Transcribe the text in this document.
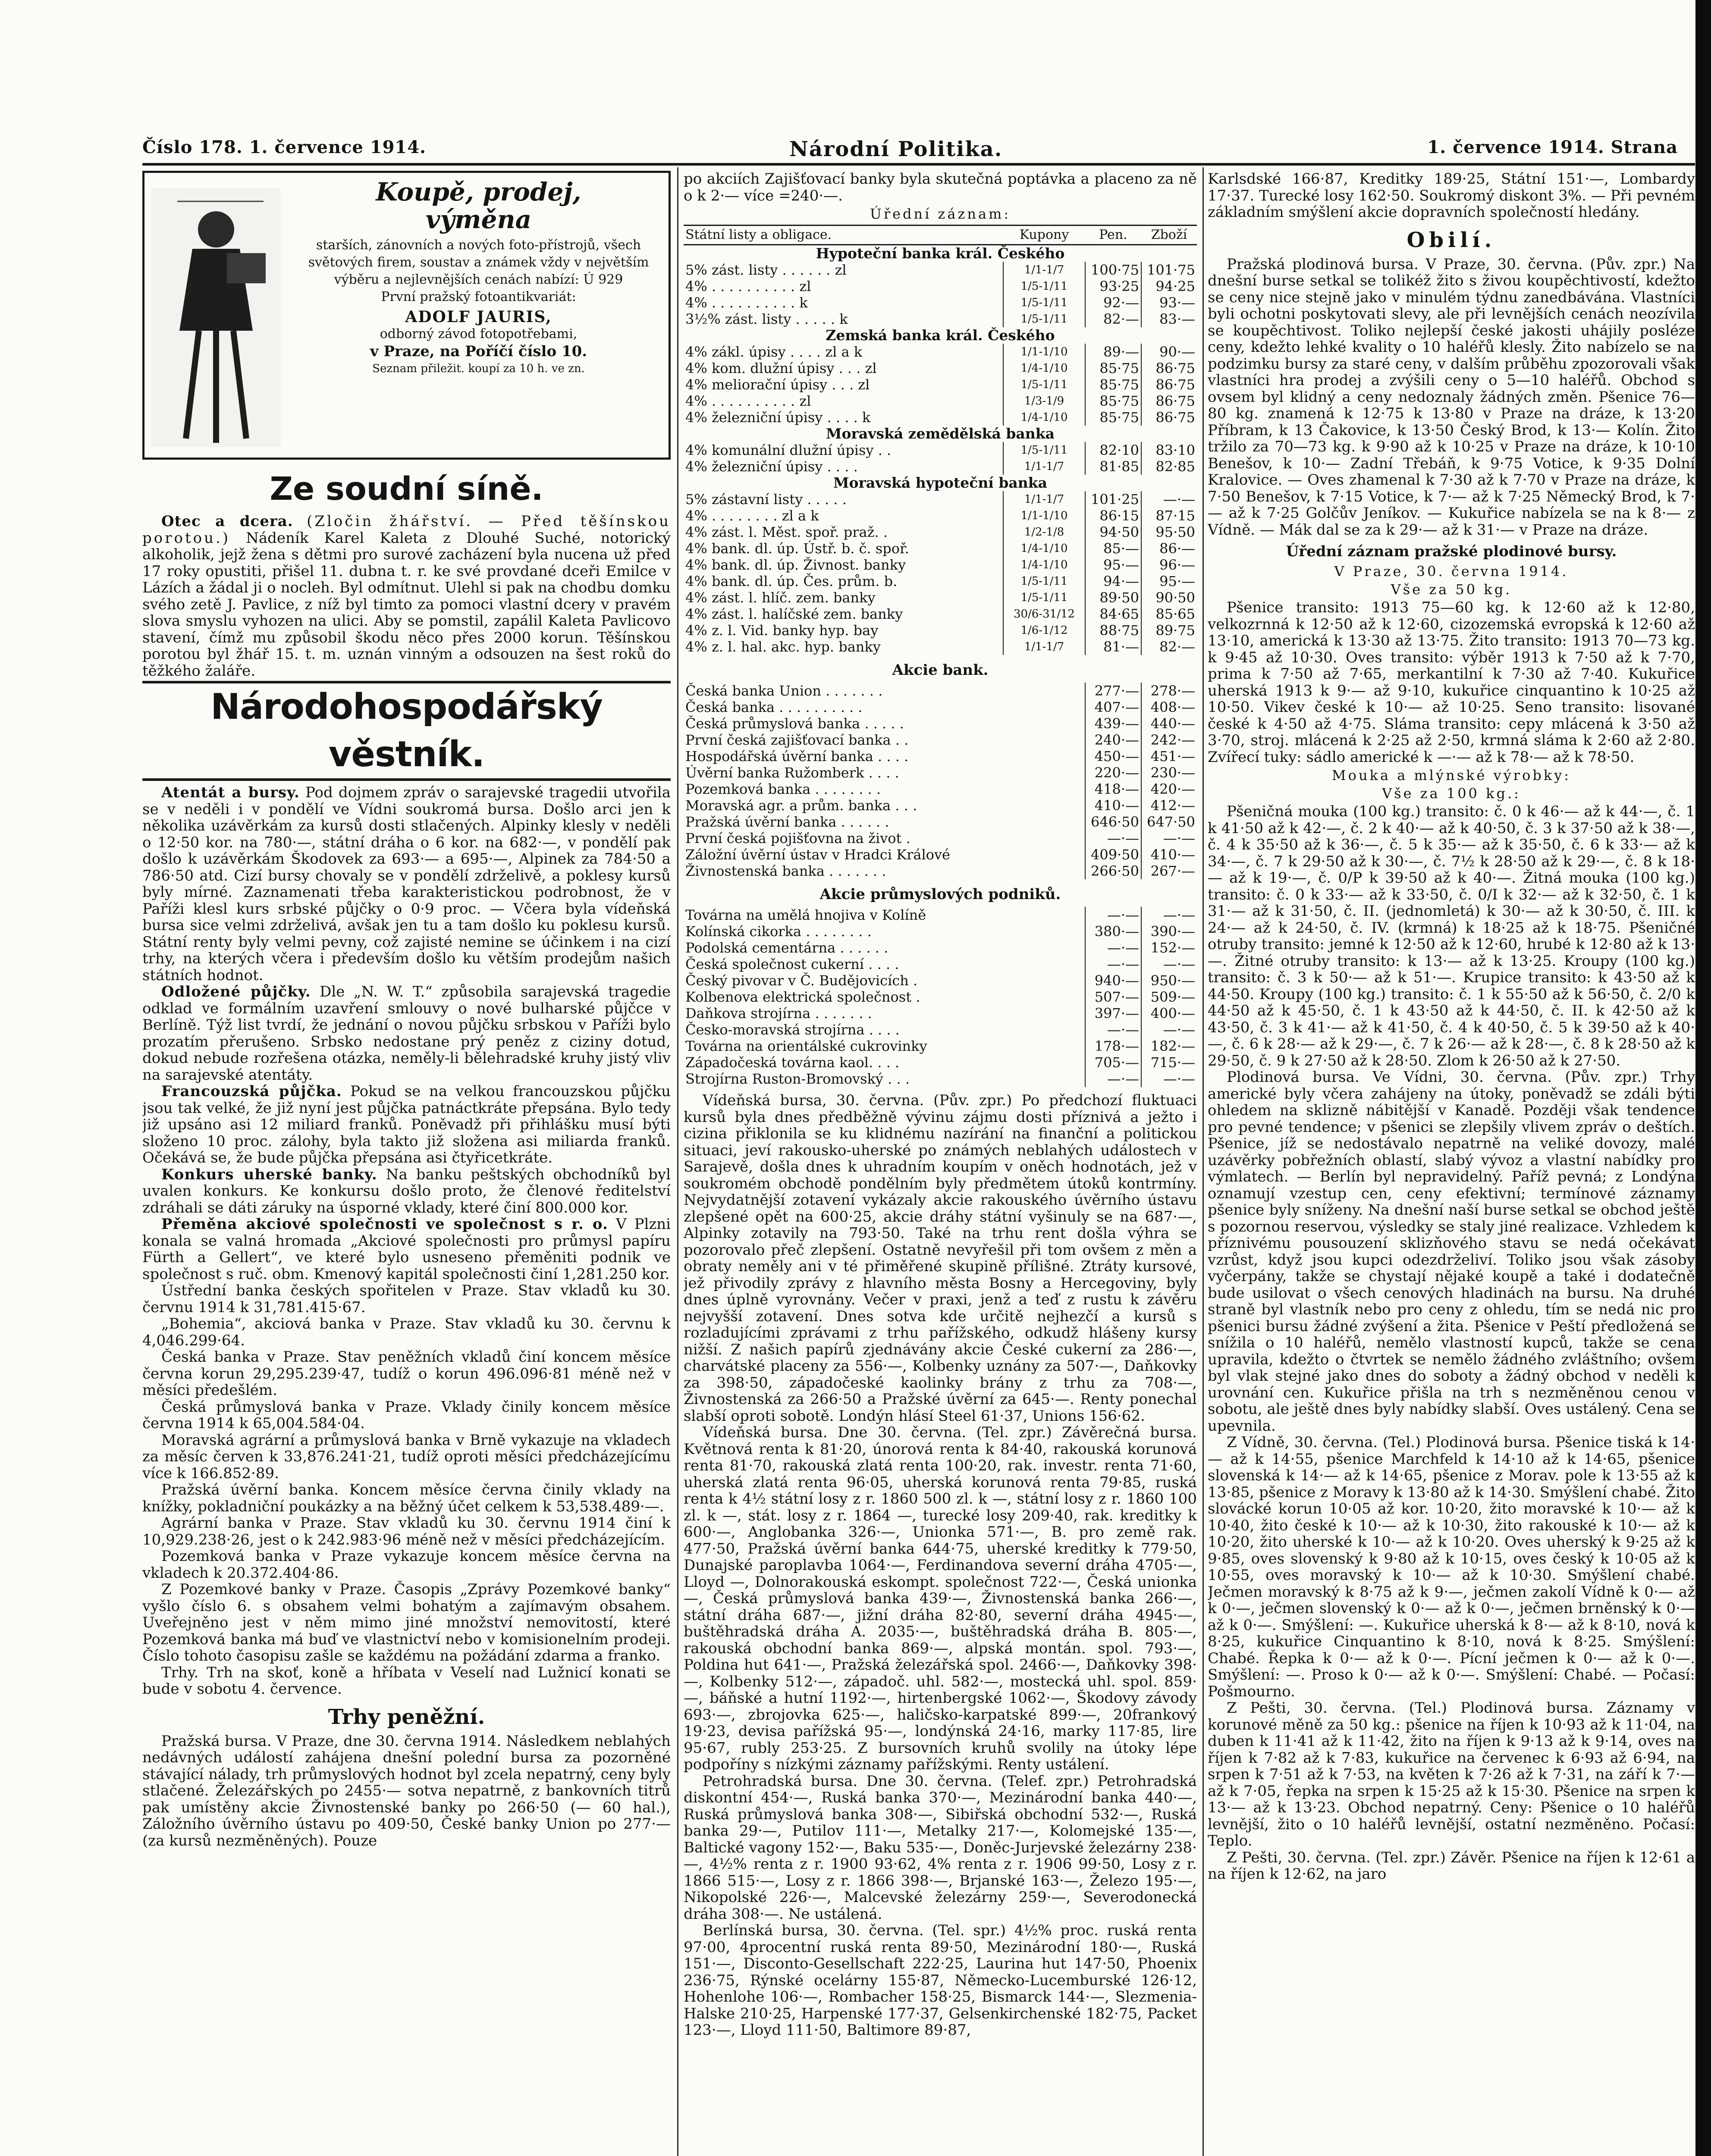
Číslo 178. 1. července 1914.	Národní Politika.	1. července 1914. Strana
Koupě, prodej,
výměna
starších, zánovních a nových foto-přístrojů, všech světových firem, soustav a známek vždy v největším výběru a nejlevnějších cenách nabízí: Ú 929
První pražský fotoantikvariát:
ADOLF JAURIS,
odborný závod fotopotřebami,
v Praze, na Poříčí číslo 10.
Seznam přiležit. koupí za 10 h. ve zn.
Ze soudní síně.

Otec a dcera. (Zločin žhářství. — Před těšínskou porotou.) Nádeník Karel Kaleta z Dlouhé Suché, notorický alkoholik, jejž žena s dětmi pro surové zacházení byla nucena už před 17 roky opustiti, přišel 11. dubna t. r. ke své provdané dceři Emilce v Lázích a žádal ji o nocleh. Byl odmítnut. Ulehl si pak na chodbu domku svého zetě J. Pavlice, z níž byl timto za pomoci vlastní dcery v pravém slova smyslu vyhozen na ulici. Aby se pomstil, zapálil Kaleta Pavlicovo stavení, čímž mu způsobil škodu něco přes 2000 korun. Těšínskou porotou byl žhář 15. t. m. uznán vinným a odsouzen na šest roků do těžkého žaláře.

Národohospodářský věstník.

Atentát a bursy. Pod dojmem zpráv o sarajevské tragedii utvořila se v neděli i v pondělí ve Vídni soukromá bursa. Došlo arci jen k několika uzávěrkám za kursů dosti stlačených. Alpinky klesly v neděli o 12·50 kor. na 780·—, státní dráha o 6 kor. na 682·—, v pondělí pak došlo k uzávěrkám Škodovek za 693·— a 695·—, Alpinek za 784·50 a 786·50 atd. Cizí bursy chovaly se v pondělí zdrželivě, a poklesy kursů byly mírné. Zaznamenati třeba karakteristickou podrobnost, že v Paříži klesl kurs srbské půjčky o 0·9 proc. — Včera byla vídeňská bursa sice velmi zdrželivá, avšak jen tu a tam došlo ku poklesu kursů. Státní renty byly velmi pevny, což zajisté nemine se účinkem i na cizí trhy, na kterých včera i především došlo ku větším prodejům našich státních hodnot.

Odložené půjčky. Dle „N. W. T.“ způsobila sarajevská tragedie odklad ve formálním uzavření smlouvy o nové bulharské půjčce v Berlíně. Týž list tvrdí, že jednání o novou půjčku srbskou v Paříži bylo prozatím přerušeno. Srbsko nedostane prý peněz z ciziny dotud, dokud nebude rozřešena otázka, neměly-li bělehradské kruhy jistý vliv na sarajevské atentáty.

Francouzská půjčka. Pokud se na velkou francouzskou půjčku jsou tak velké, že již nyní jest půjčka patnáctkráte přepsána. Bylo tedy již upsáno asi 12 miliard franků. Poněvadž při přihlášku musí býti složeno 10 proc. zálohy, byla takto již složena asi miliarda franků. Očekává se, že bude půjčka přepsána asi čtyřicetkráte.

Konkurs uherské banky. Na banku peštských obchodníků byl uvalen konkurs. Ke konkursu došlo proto, že členové ředitelství zdráhali se dáti záruky na úsporné vklady, které činí 800.000 kor.

Přeměna akciové společnosti ve společnost s r. o. V Plzni konala se valná hromada „Akciové společnosti pro průmysl papíru Fürth a Gellert“, ve které bylo usneseno přeměniti podnik ve společnost s ruč. obm. Kmenový kapitál společnosti činí 1,281.250 kor.

Ústřední banka českých spořitelen v Praze. Stav vkladů ku 30. červnu 1914 k 31,781.415·67.

„Bohemia“, akciová banka v Praze. Stav vkladů ku 30. červnu k 4,046.299·64.

Česká banka v Praze. Stav peněžních vkladů činí koncem měsíce června korun 29,295.239·47, tudíž o korun 496.096·81 méně než v měsíci předešlém.

Česká průmyslová banka v Praze. Vklady činily koncem měsíce června 1914 k 65,004.584·04.

Moravská agrární a průmyslová banka v Brně vykazuje na vkladech za měsíc červen k 33,876.241·21, tudíž oproti měsíci předcházejícímu více k 166.852·89.

Pražská úvěrní banka. Koncem měsíce června činily vklady na knížky, pokladniční poukázky a na běžný účet celkem k 53,538.489·—.

Agrární banka v Praze. Stav vkladů ku 30. červnu 1914 činí k 10,929.238·26, jest o k 242.983·96 méně než v měsíci předcházejícím.

Pozemková banka v Praze vykazuje koncem měsíce června na vkladech k 20.372.404·86.

Z Pozemkové banky v Praze. Časopis „Zprávy Pozemkové banky“ vyšlo číslo 6. s obsahem velmi bohatým a zajímavým obsahem. Uveřejněno jest v něm mimo jiné množství nemovitostí, které Pozemková banka má buď ve vlastnictví nebo v komisionelním prodeji. Číslo tohoto časopisu zašle se každému na požádání zdarma a franko.

Trhy. Trh na skoť, koně a hříbata v Veselí nad Lužnicí konati se bude v sobotu 4. července.

Trhy peněžní.

Pražská bursa. V Praze, dne 30. června 1914. Následkem neblahých nedávných událostí zahájena dnešní polední bursa za pozorněné stávající nálady, trh průmyslových hodnot byl zcela nepatrný, ceny byly stlačené. Železářských po 2455·— sotva nepatrně, z bankovních titrů pak umístěny akcie Živnostenské banky po 266·50 (— 60 hal.), Záložního úvěrního ústavu po 409·50, České banky Union po 277·— (za kursů nezměněných). Pouze

po akciích Zajišťovací banky byla skutečná poptávka a placeno za ně o k 2·— více =240·—.

Úřední záznam:
Státní listy a obligace.	Kupony	Pen.	Zboží
Hypoteční banka král. Českého			
5% zást. listy . . . . . . zl	1/1-1/7	100·75	101·75
4% . . . . . . . . . . zl	1/5-1/11	93·25	94·25
4% . . . . . . . . . . k	1/5-1/11	92·—	93·—
3½% zást. listy . . . . . k	1/5-1/11	82·—	83·—
Zemská banka král. Českého			
4% zákl. úpisy . . . . zl a k	1/1-1/10	89·—	90·—
4% kom. dlužní úpisy . . . zl	1/4-1/10	85·75	86·75
4% meliorační úpisy . . . zl	1/5-1/11	85·75	86·75
4% . . . . . . . . . . zl	1/3-1/9	85·75	86·75
4% železniční úpisy . . . . k	1/4-1/10	85·75	86·75
Moravská zemědělská banka			
4% komunální dlužní úpisy . .	1/5-1/11	82·10	83·10
4% železniční úpisy . . . .	1/1-1/7	81·85	82·85
Moravská hypoteční banka			
5% zástavní listy . . . . .	1/1-1/7	101·25	—·—
4% . . . . . . . . zl a k	1/1-1/10	86·15	87·15
4% zást. l. Měst. spoř. praž. .	1/2-1/8	94·50	95·50
4% bank. dl. úp. Ústř. b. č. spoř.	1/4-1/10	85·—	86·—
4% bank. dl. úp. Živnost. banky	1/4-1/10	95·—	96·—
4% bank. dl. úp. Čes. prům. b.	1/5-1/11	94·—	95·—
4% zást. l. hlíč. zem. banky	1/5-1/11	89·50	90·50
4% zást. l. halíčské zem. banky	30/6-31/12	84·65	85·65
4% z. l. Vid. banky hyp. bay	1/6-1/12	88·75	89·75
4% z. l. hal. akc. hyp. banky	1/1-1/7	81·—	82·—
Akcie bank.
Česká banka Union . . . . . . .	277·—	278·—
Česká banka . . . . . . . . . .	407·—	408·—
Česká průmyslová banka . . . . .	439·—	440·—
První česká zajišťovací banka . .	240·—	242·—
Hospodářská úvěrní banka . . . .	450·—	451·—
Úvěrní banka Ružomberk . . . .	220·—	230·—
Pozemková banka . . . . . . . .	418·—	420·—
Moravská agr. a prům. banka . . .	410·—	412·—
Pražská úvěrní banka . . . . . .	646·50	647·50
První česká pojišťovna na život .	—·—	—·—
Záložní úvěrní ústav v Hradci Králové	409·50	410·—
Živnostenská banka . . . . . . .	266·50	267·—
Akcie průmyslových podniků.
Továrna na umělá hnojiva v Kolíně	—·—	—·—
Kolínská cikorka . . . . . . . .	380·—	390·—
Podolská cementárna . . . . . .	—·—	152·—
Česká společnost cukerní . . . .	—·—	—·—
Český pivovar v Č. Budějovicích .	940·—	950·—
Kolbenova elektrická společnost .	507·—	509·—
Daňkova strojírna . . . . . . .	397·—	400·—
Česko-moravská strojírna . . . .	—·—	—·—
Továrna na orientálské cukrovinky	178·—	182·—
Západočeská továrna kaol. . . .	705·—	715·—
Strojírna Ruston-Bromovský . . .	—·—	—·—

Vídeňská bursa, 30. června. (Pův. zpr.) Po předchozí fluktuaci kursů byla dnes předběžně vývinu zájmu dosti příznivá a ježto i cizina přiklonila se ku klidnému nazírání na finanční a politickou situaci, jeví rakousko-uherské po známých neblahých událostech v Sarajevě, došla dnes k uhradním koupím v oněch hodnotách, jež v soukromém obchodě pondělním byly předmětem útoků kontrmíny. Nejvydatnější zotavení vykázaly akcie rakouského úvěrního ústavu zlepšené opět na 600·25, akcie dráhy státní vyšinuly se na 687·—, Alpinky zotavily na 793·50. Také na trhu rent došla výhra se pozorovalo přeč zlepšení. Ostatně nevyřešil při tom ovšem z měn a obraty neměly ani v té přiměřené skupině přílišné. Ztráty kursové, jež přivodily zprávy z hlavního města Bosny a Hercegoviny, byly dnes úplně vyrovnány. Večer v praxi, jenž a teď z rustu k závěru nejvyšší zotavení. Dnes sotva kde určitě nejhezčí a kursů s rozladujícími zprávami z trhu pařížského, odkudž hlášeny kursy nižší. Z našich papírů zjednávány akcie České cukerní za 286·—, charvátské placeny za 556·—, Kolbenky uznány za 507·—, Daňkovky za 398·50, západočeské kaolinky brány z trhu za 708·—, Živnostenská za 266·50 a Pražské úvěrní za 645·—. Renty ponechal slabší oproti sobotě. Londýn hlásí Steel 61·37, Unions 156·62.

Vídeňská bursa. Dne 30. června. (Tel. zpr.) Závěrečná bursa. Květnová renta k 81·20, únorová renta k 84·40, rakouská korunová renta 81·70, rakouská zlatá renta 100·20, rak. investr. renta 71·60, uherská zlatá renta 96·05, uherská korunová renta 79·85, ruská renta k 4½ státní losy z r. 1860 500 zl. k —, státní losy z r. 1860 100 zl. k —, stát. losy z r. 1864 —, turecké losy 209·40, rak. kreditky k 600·—, Anglobanka 326·—, Unionka 571·—, B. pro země rak. 477·50, Pražská úvěrní banka 644·75, uherské kreditky k 779·50, Dunajské paroplavba 1064·—, Ferdinandova severní dráha 4705·—, Lloyd —, Dolnorakouská eskompt. společnost 722·—, Česká unionka —, Česká průmyslová banka 439·—, Živnostenská banka 266·—, státní dráha 687·—, jižní dráha 82·80, severní dráha 4945·—, buštěhradská dráha A. 2035·—, buštěhradská dráha B. 805·—, rakouská obchodní banka 869·—, alpská montán. spol. 793·—, Poldina hut 641·—, Pražská železářská spol. 2466·—, Daňkovky 398·—, Kolbenky 512·—, západoč. uhl. 582·—, mostecká uhl. spol. 859·—, báňské a hutní 1192·—, hirtenbergské 1062·—, Škodovy závody 693·—, zbrojovka 625·—, haličsko-karpatské 899·—, 20frankový 19·23, devisa pařížská 95·—, londýnská 24·16, marky 117·85, lire 95·67, rubly 253·25. Z bursovních kruhů svolily na útoky lépe podpoříny s nízkými záznamy pařížskými. Renty ustálení.

Petrohradská bursa. Dne 30. června. (Telef. zpr.) Petrohradská diskontní 454·—, Ruská banka 370·—, Mezinárodní banka 440·—, Ruská průmyslová banka 308·—, Sibiřská obchodní 532·—, Ruská banka 29·—, Putilov 111·—, Metalky 217·—, Kolomejské 135·—, Baltické vagony 152·—, Baku 535·—, Doněc-Jurjevské železárny 238·—, 4½% renta z r. 1900 93·62, 4% renta z r. 1906 99·50, Losy z r. 1866 515·—, Losy z r. 1866 398·—, Brjanské 163·—, Železo 195·—, Nikopolské 226·—, Malcevské železárny 259·—, Severodonecká dráha 308·—. Ne ustálená.

Berlínská bursa, 30. června. (Tel. spr.) 4½% proc. ruská renta 97·00, 4procentní ruská renta 89·50, Mezinárodní 180·—, Ruská 151·—, Disconto-Gesellschaft 222·25, Laurina hut 147·50, Phoenix 236·75, Rýnské ocelárny 155·87, Německo-Lucemburské 126·12, Hohenlohe 106·—, Rombacher 158·25, Bismarck 144·—, Slezmenia-Halske 210·25, Harpenské 177·37, Gelsenkirchenské 182·75, Packet 123·—, Lloyd 111·50, Baltimore 89·87,

Karlsdské 166·87, Kreditky 189·25, Státní 151·—, Lombardy 17·37. Turecké losy 162·50. Soukromý diskont 3%. — Při pevném základním smýšlení akcie dopravních společností hledány.

Obilí.

Pražská plodinová bursa. V Praze, 30. června. (Pův. zpr.) Na dnešní burse setkal se tolikéž žito s živou koupěchtivostí, kdežto se ceny nice stejně jako v minulém týdnu zanedbávána. Vlastníci byli ochotni poskytovati slevy, ale při levnějších cenách neozívila se koupěchtivost. Toliko nejlepší české jakosti uhájily posléze ceny, kdežto lehké kvality o 10 haléřů klesly. Žito nabízelo se na podzimku bursy za staré ceny, v dalším průběhu zpozorovali však vlastníci hra prodej a zvýšili ceny o 5—10 haléřů. Obchod s ovsem byl klidný a ceny nedoznaly žádných změn. Pšenice 76—80 kg. znamená k 12·75 k 13·80 v Praze na dráze, k 13·20 Příbram, k 13 Čakovice, k 13·50 Český Brod, k 13·— Kolín. Žito tržilo za 70—73 kg. k 9·90 až k 10·25 v Praze na dráze, k 10·10 Benešov, k 10·— Zadní Třebáň, k 9·75 Votice, k 9·35 Dolní Kralovice. — Oves zhamenal k 7·30 až k 7·70 v Praze na dráze, k 7·50 Benešov, k 7·15 Votice, k 7·— až k 7·25 Německý Brod, k 7·— až k 7·25 Golčův Jeníkov. — Kukuřice nabízela se na k 8·— z Vídně. — Mák dal se za k 29·— až k 31·— v Praze na dráze.

Úřední záznam pražské plodinové bursy.
V Praze, 30. června 1914.
Vše za 50 kg.

Pšenice transito: 1913 75—60 kg. k 12·60 až k 12·80, velkozrnná k 12·50 až k 12·60, cizozemská evropská k 12·60 až 13·10, americká k 13·30 až 13·75. Žito transito: 1913 70—73 kg. k 9·45 až 10·30. Oves transito: výběr 1913 k 7·50 až k 7·70, prima k 7·50 až 7·65, merkantilní k 7·30 až 7·40. Kukuřice uherská 1913 k 9·— až 9·10, kukuřice cinquantino k 10·25 až 10·50. Vikev české k 10·— až 10·25. Seno transito: lisované české k 4·50 až 4·75. Sláma transito: cepy mlácená k 3·50 až 3·70, stroj. mlácená k 2·25 až 2·50, krmná sláma k 2·60 až 2·80. Zvířecí tuky: sádlo americké k —·— až k 78·— až k 78·50.

Mouka a mlýnské výrobky:
Vše za 100 kg.:

Pšeničná mouka (100 kg.) transito: č. 0 k 46·— až k 44·—, č. 1 k 41·50 až k 42·—, č. 2 k 40·— až k 40·50, č. 3 k 37·50 až k 38·—, č. 4 k 35·50 až k 36·—, č. 5 k 35·— až k 35·50, č. 6 k 33·— až k 34·—, č. 7 k 29·50 až k 30·—, č. 7½ k 28·50 až k 29·—, č. 8 k 18·— až k 19·—, č. 0/P k 39·50 až k 40·—. Žitná mouka (100 kg.) transito: č. 0 k 33·— až k 33·50, č. 0/I k 32·— až k 32·50, č. 1 k 31·— až k 31·50, č. II. (jednomletá) k 30·— až k 30·50, č. III. k 24·— až k 24·50, č. IV. (krmná) k 18·25 až k 18·75. Pšeničné otruby transito: jemné k 12·50 až k 12·60, hrubé k 12·80 až k 13·—. Žitné otruby transito: k 13·— až k 13·25. Kroupy (100 kg.) transito: č. 3 k 50·— až k 51·—. Krupice transito: k 43·50 až k 44·50. Kroupy (100 kg.) transito: č. 1 k 55·50 až k 56·50, č. 2/0 k 44·50 až k 45·50, č. 1 k 43·50 až k 44·50, č. II. k 42·50 až k 43·50, č. 3 k 41·— až k 41·50, č. 4 k 40·50, č. 5 k 39·50 až k 40·—, č. 6 k 28·— až k 29·—, č. 7 k 26·— až k 28·—, č. 8 k 28·50 až k 29·50, č. 9 k 27·50 až k 28·50. Zlom k 26·50 až k 27·50.

Plodinová bursa. Ve Vídni, 30. června. (Pův. zpr.) Trhy americké byly včera zahájeny na útoky, poněvadž se zdáli býti ohledem na sklizně nábitější v Kanadě. Později však tendence pro pevné tendence; v pšenici se zlepšily vlivem zpráv o deštích. Pšenice, jíž se nedostávalo nepatrně na veliké dovozy, malé uzávěrky pobřežních oblastí, slabý vývoz a vlastní nabídky pro výmlatech. — Berlín byl nepravidelný. Paříž pevná; z Londýna oznamují vzestup cen, ceny efektivní; termínové záznamy pšenice byly sníženy. Na dnešní naší burse setkal se obchod ještě s pozornou reservou, výsledky se staly jiné realizace. Vzhledem k příznivému pousouzení sklizňového stavu se nedá očekávat vzrůst, když jsou kupci odezdrželiví. Toliko jsou však zásoby vyčerpány, takže se chystají nějaké koupě a také i dodatečně bude usilovat o všech cenových hladinách na bursu. Na druhé straně byl vlastník nebo pro ceny z ohledu, tím se nedá nic pro pšenici bursu žádné zvýšení a žita. Pšenice v Peští předložená se snížila o 10 haléřů, nemělo vlastností kupců, takže se cena upravila, kdežto o čtvrtek se nemělo žádného zvláštního; ovšem byl vlak stejné jako dnes do soboty a žádný obchod v neděli k urovnání cen. Kukuřice přišla na trh s nezměněnou cenou v sobotu, ale ještě dnes byly nabídky slabší. Oves ustálený. Cena se upevnila.

Z Vídně, 30. června. (Tel.) Plodinová bursa. Pšenice tiská k 14·— až k 14·55, pšenice Marchfeld k 14·10 až k 14·65, pšenice slovenská k 14·— až k 14·65, pšenice z Morav. pole k 13·55 až k 13·85, pšenice z Moravy k 13·80 až k 14·30. Smýšlení chabé. Žito slovácké korun 10·05 až kor. 10·20, žito moravské k 10·— až k 10·40, žito české k 10·— až k 10·30, žito rakouské k 10·— až k 10·20, žito uherské k 10·— až k 10·20. Oves uherský k 9·25 až k 9·85, oves slovenský k 9·80 až k 10·15, oves český k 10·05 až k 10·55, oves moravský k 10·— až k 10·30. Smýšlení chabé. Ječmen moravský k 8·75 až k 9·—, ječmen zakolí Vídně k 0·— až k 0·—, ječmen slovenský k 0·— až k 0·—, ječmen brněnský k 0·— až k 0·—. Smýšlení: —. Kukuřice uherská k 8·— až k 8·10, nová k 8·25, kukuřice Cinquantino k 8·10, nová k 8·25. Smýšlení: Chabé. Řepka k 0·— až k 0·—. Pícní ječmen k 0·— až k 0·—. Smýšlení: —. Proso k 0·— až k 0·—. Smýšlení: Chabé. — Počasí: Pošmourno.

Z Pešti, 30. června. (Tel.) Plodinová bursa. Záznamy v korunové měně za 50 kg.: pšenice na říjen k 10·93 až k 11·04, na duben k 11·41 až k 11·42, žito na říjen k 9·13 až k 9·14, oves na říjen k 7·82 až k 7·83, kukuřice na červenec k 6·93 až 6·94, na srpen k 7·51 až k 7·53, na květen k 7·26 až k 7·31, na září k 7·— až k 7·05, řepka na srpen k 15·25 až k 15·30. Pšenice na srpen k 13·— až k 13·23. Obchod nepatrný. Ceny: Pšenice o 10 haléřů levnější, žito o 10 haléřů levnější, ostatní nezměněno. Počasí: Teplo.

Z Pešti, 30. června. (Tel. zpr.) Závěr. Pšenice na říjen k 12·61 a na říjen k 12·62, na jaro
